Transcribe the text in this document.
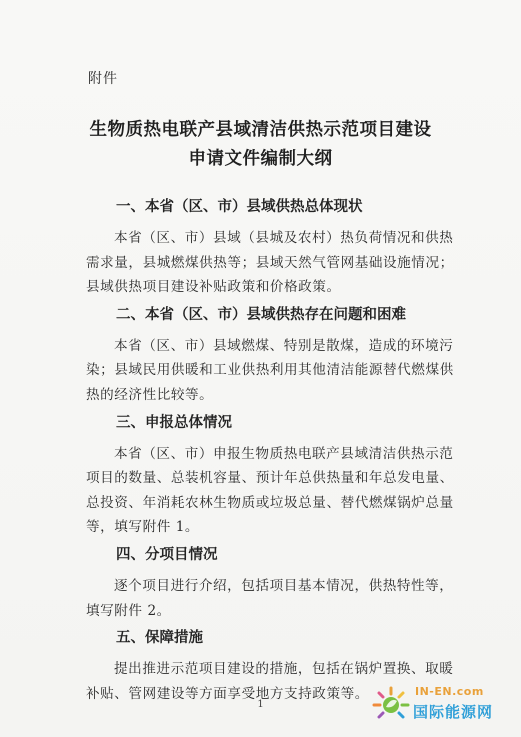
附件
生物质热电联产县域清洁供热示范项目建设
申请文件编制大纲
一、本省（区、市）县域供热总体现状
本省（区、市）县域（县城及农村）热负荷情况和供热
需求量，县城燃煤供热等；县域天然气管网基础设施情况；
县域供热项目建设补贴政策和价格政策。
二、本省（区、市）县域供热存在问题和困难
本省（区、市）县域燃煤、特别是散煤，造成的环境污
染；县域民用供暖和工业供热利用其他清洁能源替代燃煤供
热的经济性比较等。
三、申报总体情况
本省（区、市）申报生物质热电联产县域清洁供热示范
项目的数量、总装机容量、预计年总供热量和年总发电量、
总投资、年消耗农林生物质或垃圾总量、替代燃煤锅炉总量
等，填写附件 1。
四、分项目情况
逐个项目进行介绍，包括项目基本情况，供热特性等，
填写附件 2。
五、保障措施
提出推进示范项目建设的措施，包括在锅炉置换、取暖
补贴、管网建设等方面享受地方支持政策等。
1
IN-EN.com
国际能源网
